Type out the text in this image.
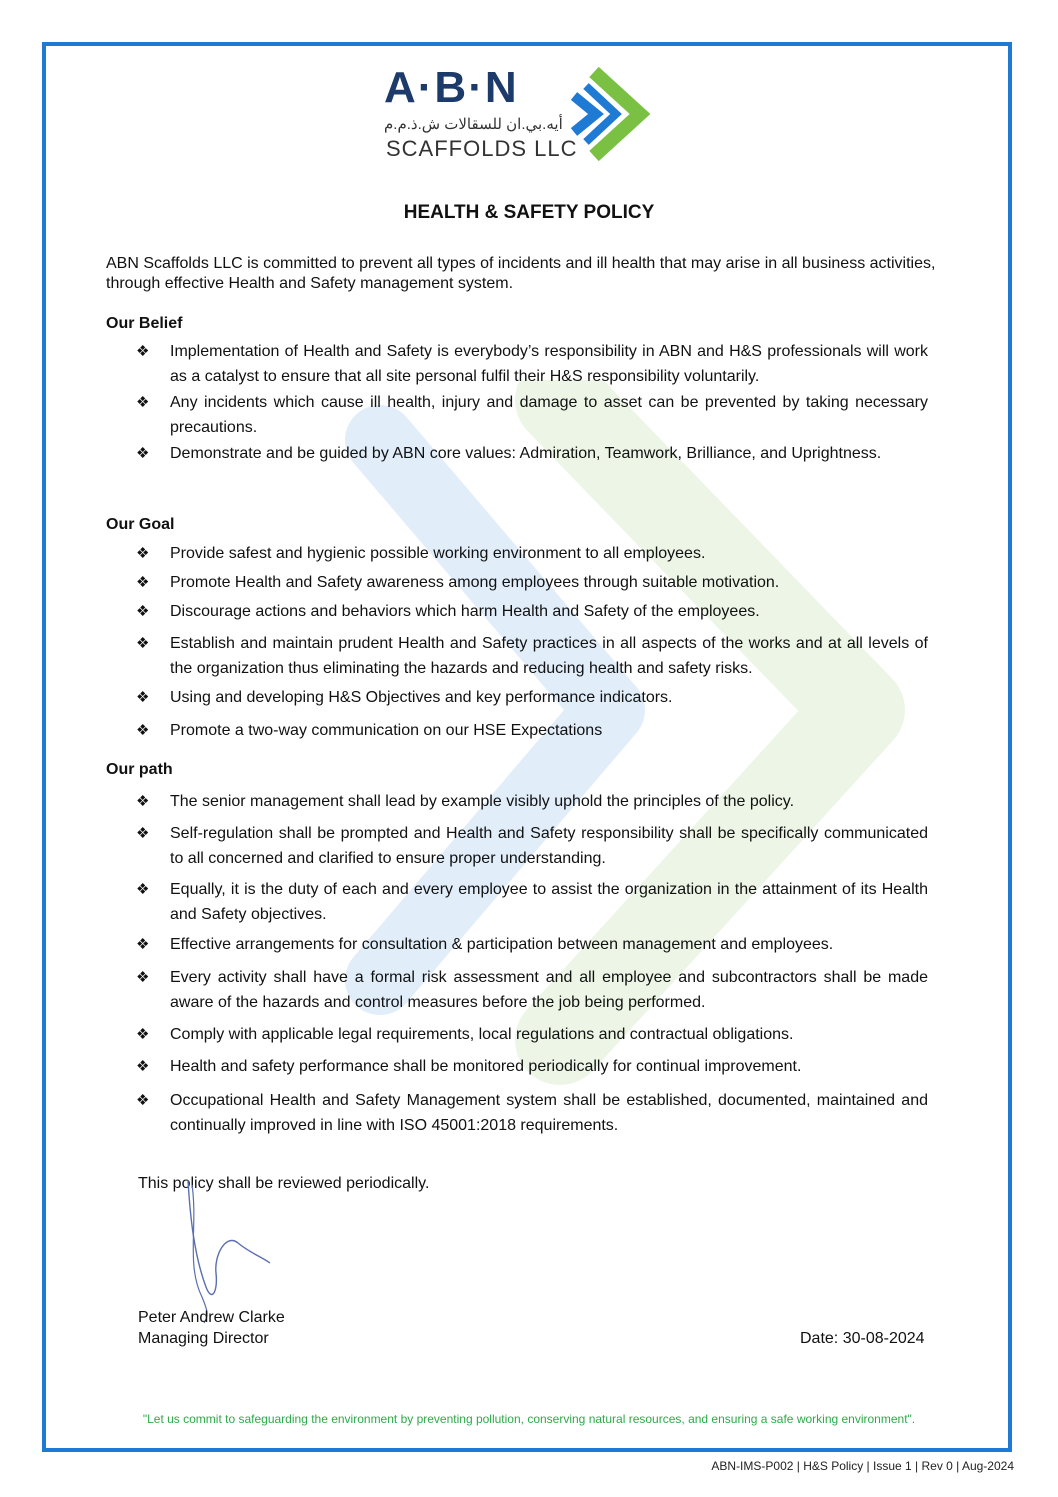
A·B·N
أيه.بي.ان للسقالات ش.ذ.م.م
SCAFFOLDS LLC
HEALTH & SAFETY POLICY
ABN Scaffolds LLC is committed to prevent all types of incidents and ill health that may arise in all business activities, through effective Health and Safety management system.
Our Belief
❖	Implementation of Health and Safety is everybody’s responsibility in ABN and H&S professionals will work as a catalyst to ensure that all site personal fulfil their H&S responsibility voluntarily.
❖	Any incidents which cause ill health, injury and damage to asset can be prevented by taking necessary precautions.
❖	Demonstrate and be guided by ABN core values: Admiration, Teamwork, Brilliance, and Uprightness.
Our Goal
❖	Provide safest and hygienic possible working environment to all employees.
❖	Promote Health and Safety awareness among employees through suitable motivation.
❖	Discourage actions and behaviors which harm Health and Safety of the employees.
❖	Establish and maintain prudent Health and Safety practices in all aspects of the works and at all levels of the organization thus eliminating the hazards and reducing health and safety risks.
❖	Using and developing H&S Objectives and key performance indicators.
❖	Promote a two-way communication on our HSE Expectations
Our path
❖	The senior management shall lead by example visibly uphold the principles of the policy.
❖	Self-regulation shall be prompted and Health and Safety responsibility shall be specifically communicated to all concerned and clarified to ensure proper understanding.
❖	Equally, it is the duty of each and every employee to assist the organization in the attainment of its Health and Safety objectives.
❖	Effective arrangements for consultation & participation between management and employees.
❖	Every activity shall have a formal risk assessment and all employee and subcontractors shall be made aware of the hazards and control measures before the job being performed.
❖	Comply with applicable legal requirements, local regulations and contractual obligations.
❖	Health and safety performance shall be monitored periodically for continual improvement.
❖	Occupational Health and Safety Management system shall be established, documented, maintained and continually improved in line with ISO 45001:2018 requirements.
This policy shall be reviewed periodically.
Peter Andrew Clarke
Managing Director	Date: 30-08-2024
"Let us commit to safeguarding the environment by preventing pollution, conserving natural resources, and ensuring a safe working environment".
ABN-IMS-P002 | H&S Policy | Issue 1 | Rev 0 | Aug-2024
